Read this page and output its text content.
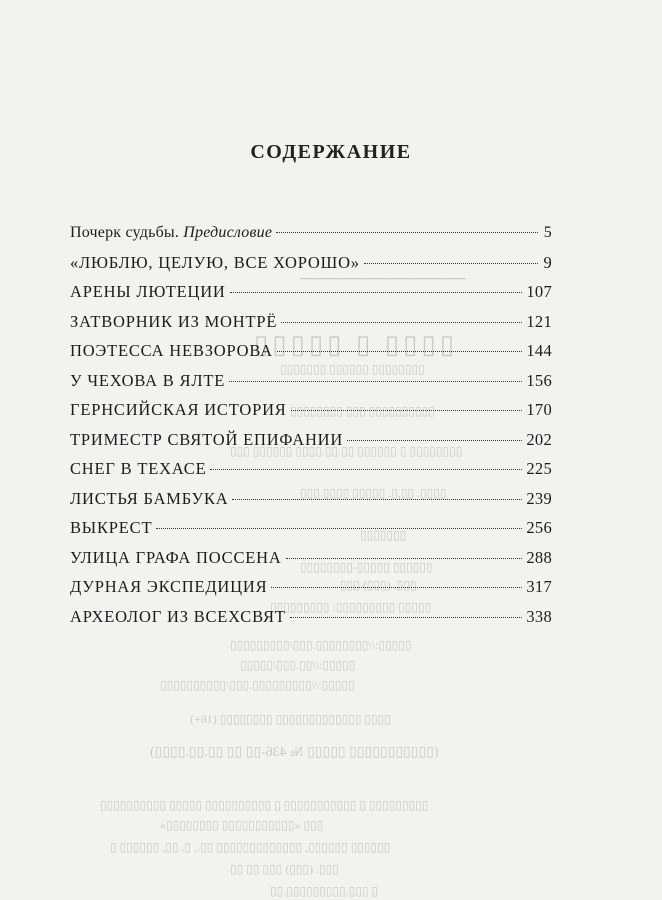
─────────────
▯▯▯▯ ▯ ▯▯▯▯▯
▯▯▯▯▯▯▯▯ ▯▯▯▯▯▯ ▯▯▯▯▯▯▯
▯▯▯▯▯▯▯▯▯▯ ▯▯▯ ▯▯▯▯▯▯▯▯
▯▯▯▯▯▯▯▯ ▯ ▯▯▯▯▯▯ ▯▯.▯▯.▯▯▯▯ ▯▯▯▯▯▯ ▯▯▯
▯▯▯▯. ▯▯,▯. ▯▯▯▯▯ ▯▯▯▯ ▯▯▯
▯▯▯▯▯▯▯
▯▯▯▯▯▯ ▯▯▯▯▯-▯▯▯▯▯▯▯▯
▯▯▯. (▯▯▯) ▯▯▯
▯▯▯▯▯ ▯▯▯▯▯▯▯▯▯: ▯▯▯▯▯▯▯▯▯
▯▯▯▯▯://▯▯▯▯▯▯▯▯.▯▯▯/▯▯▯▯▯▯▯▯▯
▯▯▯▯▯://▯▯.▯▯▯/▯▯▯▯▯
▯▯▯▯▯://▯▯▯▯▯▯▯▯▯.▯▯▯/▯▯▯▯▯▯▯▯▯▯
▯▯▯▯ ▯▯▯▯▯▯▯▯▯▯▯▯▯ ▯▯▯▯▯▯▯▯ (16+)
(▯▯▯▯▯▯▯▯▯▯▯ ▯▯▯▯▯ № 436-▯▯ ▯▯ ▯▯.▯▯.▯▯▯▯)
▯▯▯▯▯▯▯▯▯ ▯ ▯▯▯▯▯▯▯▯▯▯▯ ▯ ▯▯▯▯▯▯▯▯▯▯ ▯▯▯▯▯ ▯▯▯▯▯▯▯▯▯▯
▯▯▯ «▯▯▯▯▯▯▯▯▯▯▯ ▯▯▯▯▯▯▯▯»
▯▯▯▯▯▯ ▯▯▯▯▯▯, ▯▯▯▯▯▯▯▯▯▯▯▯▯ ▯▯., ▯. ▯▯, ▯▯▯▯▯▯ ▯
▯▯▯. (▯▯▯) ▯▯▯ ▯▯ ▯▯
▯ ▯▯▯.▯▯▯▯▯▯▯▯▯.▯▯
СОДЕРЖАНИЕ
Почерк судьбы. Предисловие	5
«ЛЮБЛЮ, ЦЕЛУЮ, ВСЕ ХОРОШО»	9
АРЕНЫ ЛЮТЕЦИИ	107
ЗАТВОРНИК ИЗ МОНТРЁ	121
ПОЭТЕССА НЕВЗОРОВА	144
У ЧЕХОВА В ЯЛТЕ	156
ГЕРНСИЙСКАЯ ИСТОРИЯ	170
ТРИМЕСТР СВЯТОЙ ЕПИФАНИИ	202
СНЕГ В ТЕХАСЕ	225
ЛИСТЬЯ БАМБУКА	239
ВЫКРЕСТ	256
УЛИЦА ГРАФА ПОССЕНА	288
ДУРНАЯ ЭКСПЕДИЦИЯ	317
АРХЕОЛОГ ИЗ ВСЕХСВЯТ	338
